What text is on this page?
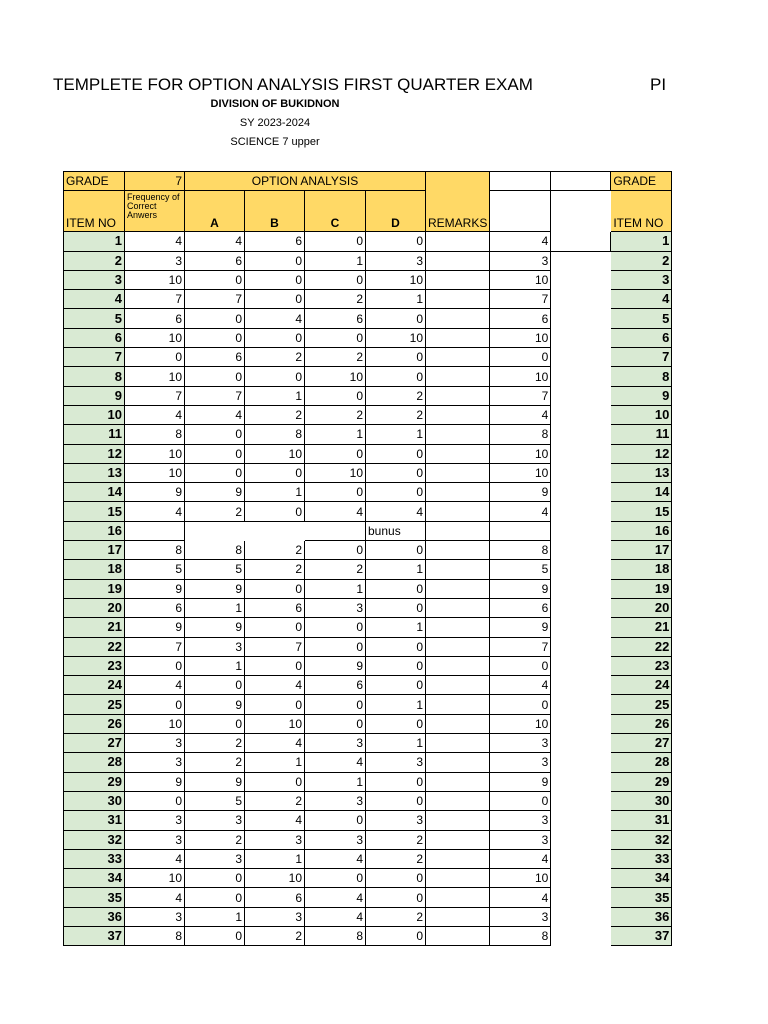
TEMPLETE FOR OPTION ANALYSIS FIRST QUARTER EXAM	PI
DIVISION OF BUKIDNON
SY 2023-2024
SCIENCE 7 upper
GRADE	7	OPTION ANALYSIS				REMARKS			GRADE
ITEM NO	Frequency of Correct Anwers	A	B	C	D				ITEM NO
1	4	4	6	0	0		4		1
2	3	6	0	1	3		3		2
3	10	0	0	0	10		10		3
4	7	7	0	2	1		7		4
5	6	0	4	6	0		6		5
6	10	0	0	0	10		10		6
7	0	6	2	2	0		0		7
8	10	0	0	10	0		10		8
9	7	7	1	0	2		7		9
10	4	4	2	2	2		4		10
11	8	0	8	1	1		8		11
12	10	0	10	0	0		10		12
13	10	0	0	10	0		10		13
14	9	9	1	0	0		9		14
15	4	2	0	4	4		4		15
16					bunus				16
17	8	8	2	0	0		8		17
18	5	5	2	2	1		5		18
19	9	9	0	1	0		9		19
20	6	1	6	3	0		6		20
21	9	9	0	0	1		9		21
22	7	3	7	0	0		7		22
23	0	1	0	9	0		0		23
24	4	0	4	6	0		4		24
25	0	9	0	0	1		0		25
26	10	0	10	0	0		10		26
27	3	2	4	3	1		3		27
28	3	2	1	4	3		3		28
29	9	9	0	1	0		9		29
30	0	5	2	3	0		0		30
31	3	3	4	0	3		3		31
32	3	2	3	3	2		3		32
33	4	3	1	4	2		4		33
34	10	0	10	0	0		10		34
35	4	0	6	4	0		4		35
36	3	1	3	4	2		3		36
37	8	0	2	8	0		8		37
